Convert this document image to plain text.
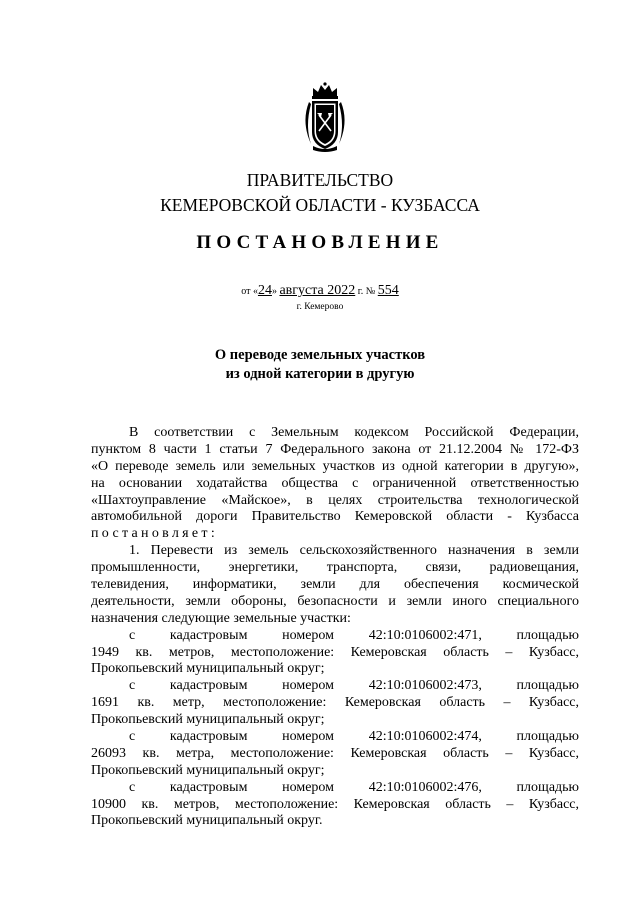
ПРАВИТЕЛЬСТВО
КЕМЕРОВСКОЙ ОБЛАСТИ - КУЗБАССА
ПОСТАНОВЛЕНИЕ
от «24» августа 2022 г. № 554
г. Кемерово
О переводе земельных участков
из одной категории в другую
В соответствии с Земельным кодексом Российской Федерации,
пунктом 8 части 1 статьи 7 Федерального закона от 21.12.2004 № 172-ФЗ
«О переводе земель или земельных участков из одной категории в другую»,
на основании ходатайства общества с ограниченной ответственностью
«Шахтоуправление «Майское», в целях строительства технологической
автомобильной дороги Правительство Кемеровской области - Кузбасса
постановляет:
1. Перевести из земель сельскохозяйственного назначения в земли
промышленности, энергетики, транспорта, связи, радиовещания,
телевидения, информатики, земли для обеспечения космической
деятельности, земли обороны, безопасности и земли иного специального
назначения следующие земельные участки:
с кадастровым номером 42:10:0106002:471, площадью
1949 кв. метров, местоположение: Кемеровская область – Кузбасс,
Прокопьевский муниципальный округ;
с кадастровым номером 42:10:0106002:473, площадью
1691 кв. метр, местоположение: Кемеровская область – Кузбасс,
Прокопьевский муниципальный округ;
с кадастровым номером 42:10:0106002:474, площадью
26093 кв. метра, местоположение: Кемеровская область – Кузбасс,
Прокопьевский муниципальный округ;
с кадастровым номером 42:10:0106002:476, площадью
10900 кв. метров, местоположение: Кемеровская область – Кузбасс,
Прокопьевский муниципальный округ.
